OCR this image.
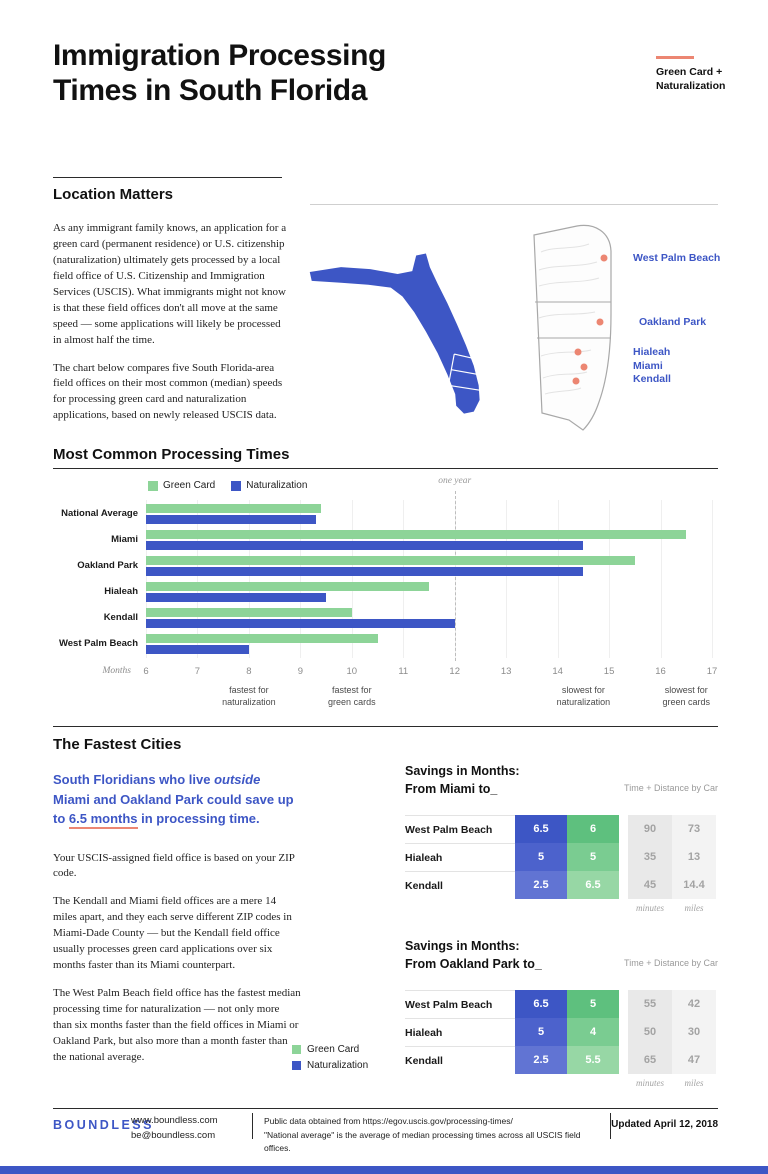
Immigration Processing
Times in South Florida
Green Card +
Naturalization
Location Matters

As any immigrant family knows, an application for a green card (permanent residence) or U.S. citizenship (naturalization) ultimately gets processed by a local field office of U.S. Citizenship and Immigration Services (USCIS). What immigrants might not know is that these field offices don't all move at the same speed — some applications will likely be processed in almost half the time.

The chart below compares five South Florida-area field offices on their most common (median) speeds for processing green card and naturalization applications, based on newly released USCIS data.

West Palm Beach
Oakland Park
Hialeah
Miami
Kendall
Most Common Processing Times
Green Card	Naturalization
Months	6	7	8	9	10	11	12	13	14	15	16	17
one year
National Average
Miami
Oakland Park
Hialeah
Kendall
West Palm Beach
fastest for
naturalization
fastest for
green cards
slowest for
naturalization
slowest for
green cards
The Fastest Cities
South Floridians who live outside Miami and Oakland Park could save up to 6.5 months in processing time.

Your USCIS-assigned field office is based on your ZIP code.

The Kendall and Miami field offices are a mere 14 miles apart, and they each serve different ZIP codes in Miami-Dade County — but the Kendall field office usually processes green card applications over six months faster than its Miami counterpart.

The West Palm Beach field office has the fastest median processing time for naturalization — not only more than six months faster than the field offices in Miami or Oakland Park, but also more than a month faster than the national average.

Green Card
Naturalization
Savings in Months:
From Miami to_	Time + Distance by Car
West Palm Beach	6.5	6	90	73
Hialeah	5	5	35	13
Kendall	2.5	6.5	45	14.4
minutes	miles
Savings in Months:
From Oakland Park to_	Time + Distance by Car
West Palm Beach	6.5	5	55	42
Hialeah	5	4	50	30
Kendall	2.5	5.5	65	47
minutes	miles
BOUNDLESS
www.boundless.com
be@boundless.com
Public data obtained from https://egov.uscis.gov/processing-times/
"National average" is the average of median processing times across all USCIS field offices.
Updated April 12, 2018
